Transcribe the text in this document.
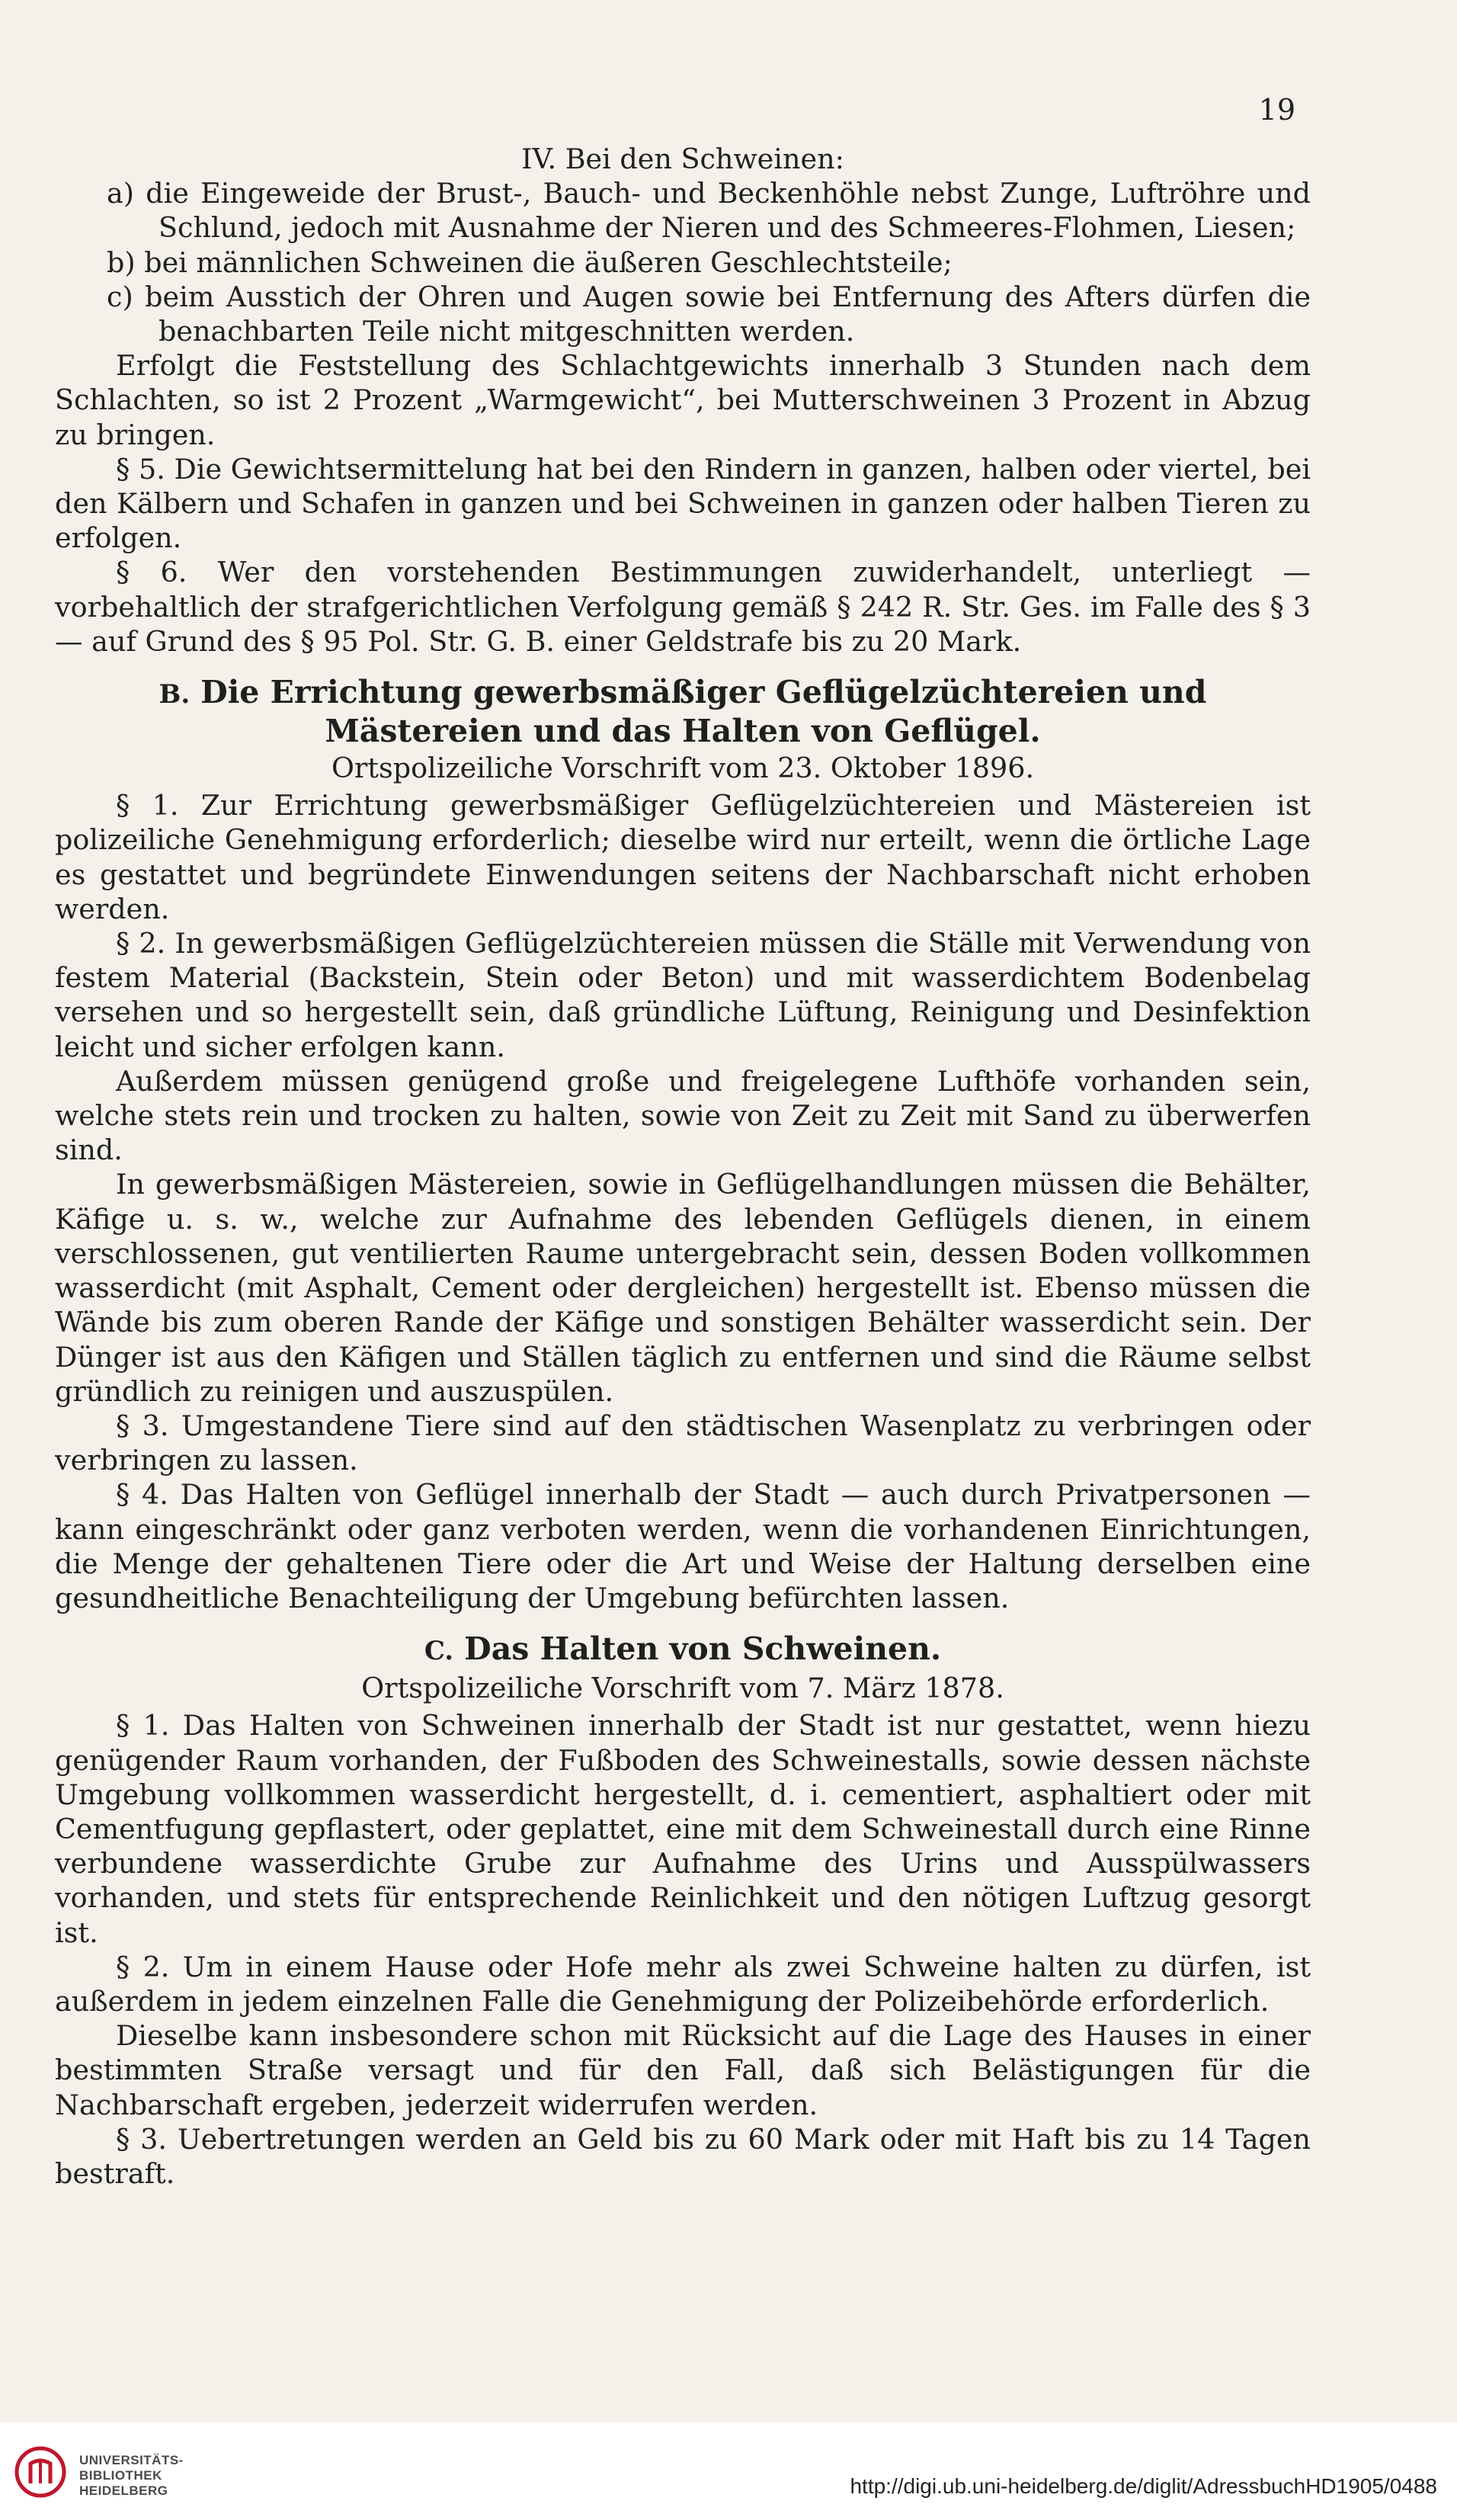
19

IV. Bei den Schweinen:

a) die Eingeweide der Brust-, Bauch- und Beckenhöhle nebst Zunge, Luftröhre und Schlund, jedoch mit Ausnahme der Nieren und des Schmeeres-Flohmen, Liesen;

b) bei männlichen Schweinen die äußeren Geschlechtsteile;

c) beim Ausstich der Ohren und Augen sowie bei Entfernung des Afters dürfen die benachbarten Teile nicht mitgeschnitten werden.

Erfolgt die Feststellung des Schlachtgewichts innerhalb 3 Stunden nach dem Schlachten, so ist 2 Prozent „Warmgewicht“, bei Mutterschweinen 3 Prozent in Abzug zu bringen.

§ 5. Die Gewichtsermittelung hat bei den Rindern in ganzen, halben oder viertel, bei den Kälbern und Schafen in ganzen und bei Schweinen in ganzen oder halben Tieren zu erfolgen.

§ 6. Wer den vorstehenden Bestimmungen zuwiderhandelt, unterliegt — vorbehaltlich der strafgerichtlichen Verfolgung gemäß § 242 R. Str. Ges. im Falle des § 3 — auf Grund des § 95 Pol. Str. G. B. einer Geldstrafe bis zu 20 Mark.

B. Die Errichtung gewerbsmäßiger Geflügelzüchtereien und
Mästereien und das Halten von Geflügel.

Ortspolizeiliche Vorschrift vom 23. Oktober 1896.

§ 1. Zur Errichtung gewerbsmäßiger Geflügelzüchtereien und Mästereien ist polizeiliche Genehmigung erforderlich; dieselbe wird nur erteilt, wenn die örtliche Lage es gestattet und begründete Einwendungen seitens der Nachbarschaft nicht erhoben werden.

§ 2. In gewerbsmäßigen Geflügelzüchtereien müssen die Ställe mit Verwendung von festem Material (Backstein, Stein oder Beton) und mit wasserdichtem Bodenbelag versehen und so hergestellt sein, daß gründliche Lüftung, Reinigung und Desinfektion leicht und sicher erfolgen kann.

Außerdem müssen genügend große und freigelegene Lufthöfe vorhanden sein, welche stets rein und trocken zu halten, sowie von Zeit zu Zeit mit Sand zu überwerfen sind.

In gewerbsmäßigen Mästereien, sowie in Geflügelhandlungen müssen die Behälter, Käfige u. s. w., welche zur Aufnahme des lebenden Geflügels dienen, in einem verschlossenen, gut ventilierten Raume untergebracht sein, dessen Boden vollkommen wasserdicht (mit Asphalt, Cement oder dergleichen) hergestellt ist. Ebenso müssen die Wände bis zum oberen Rande der Käfige und sonstigen Behälter wasserdicht sein. Der Dünger ist aus den Käfigen und Ställen täglich zu entfernen und sind die Räume selbst gründlich zu reinigen und auszuspülen.

§ 3. Umgestandene Tiere sind auf den städtischen Wasenplatz zu verbringen oder verbringen zu lassen.

§ 4. Das Halten von Geflügel innerhalb der Stadt — auch durch Privatpersonen — kann eingeschränkt oder ganz verboten werden, wenn die vorhandenen Einrichtungen, die Menge der gehaltenen Tiere oder die Art und Weise der Haltung derselben eine gesundheitliche Benachteiligung der Umgebung befürchten lassen.

C. Das Halten von Schweinen.

Ortspolizeiliche Vorschrift vom 7. März 1878.

§ 1. Das Halten von Schweinen innerhalb der Stadt ist nur gestattet, wenn hiezu genügender Raum vorhanden, der Fußboden des Schweinestalls, sowie dessen nächste Umgebung vollkommen wasserdicht hergestellt, d. i. cementiert, asphaltiert oder mit Cementfugung gepflastert, oder geplattet, eine mit dem Schweinestall durch eine Rinne verbundene wasserdichte Grube zur Aufnahme des Urins und Ausspülwassers vorhanden, und stets für entsprechende Reinlichkeit und den nötigen Luftzug gesorgt ist.

§ 2. Um in einem Hause oder Hofe mehr als zwei Schweine halten zu dürfen, ist außerdem in jedem einzelnen Falle die Genehmigung der Polizeibehörde erforderlich.

Dieselbe kann insbesondere schon mit Rücksicht auf die Lage des Hauses in einer bestimmten Straße versagt und für den Fall, daß sich Belästigungen für die Nachbarschaft ergeben, jederzeit widerrufen werden.

§ 3. Uebertretungen werden an Geld bis zu 60 Mark oder mit Haft bis zu 14 Tagen bestraft.

UNIVERSITÄTS-
BIBLIOTHEK
HEIDELBERG	http://digi.ub.uni-heidelberg.de/diglit/AdressbuchHD1905/0488
